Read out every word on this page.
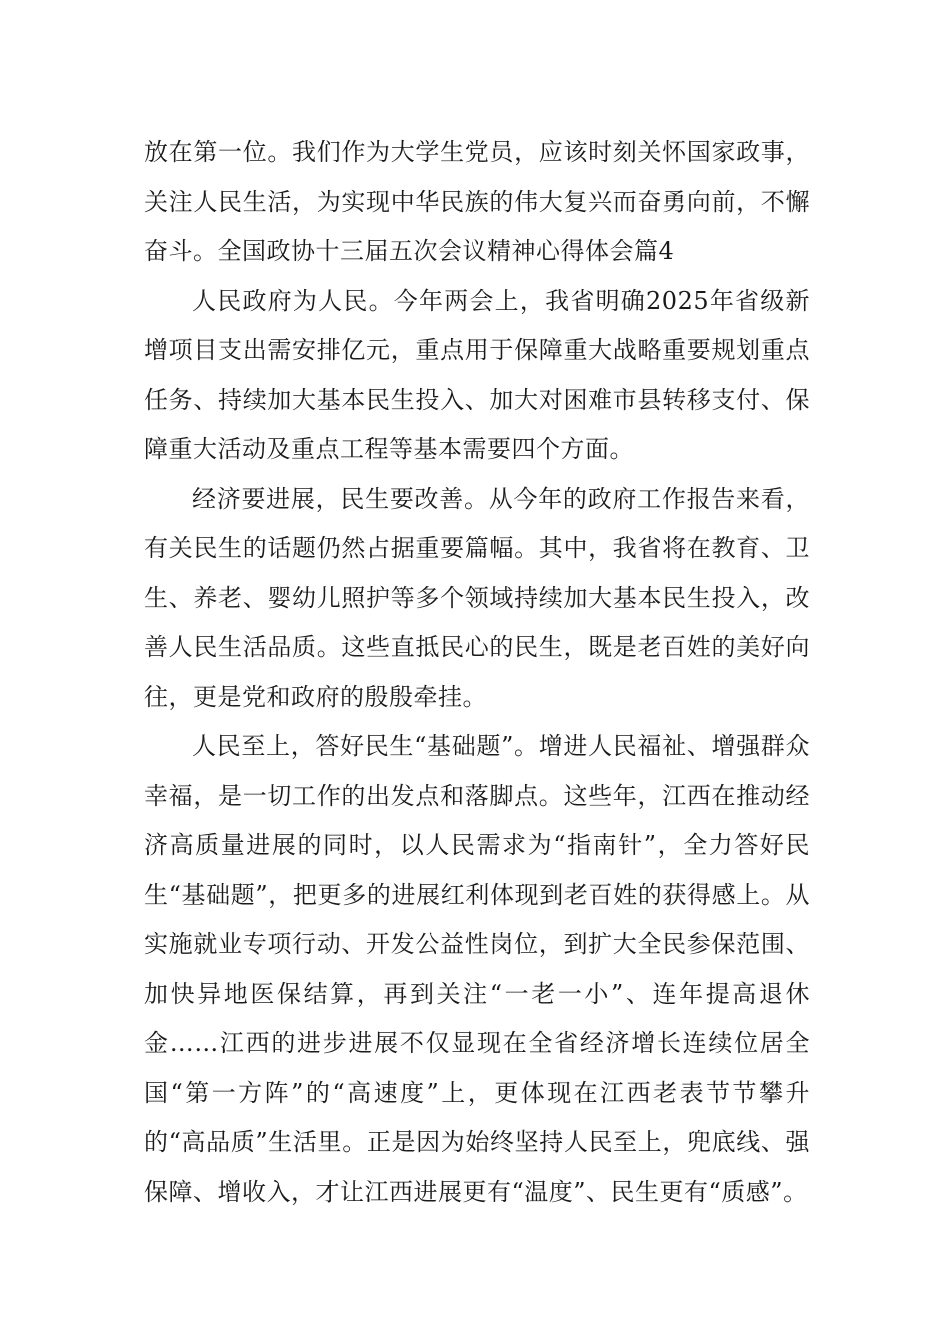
放在第一位。我们作为大学生党员，应该时刻关怀国家政事，关注人民生活，为实现中华民族的伟大复兴而奋勇向前，不懈奋斗。全国政协十三届五次会议精神心得体会篇4

人民政府为人民。今年两会上，我省明确2025年省级新增项目支出需安排亿元，重点用于保障重大战略重要规划重点任务、持续加大基本民生投入、加大对困难市县转移支付、保障重大活动及重点工程等基本需要四个方面。

经济要进展，民生要改善。从今年的政府工作报告来看，有关民生的话题仍然占据重要篇幅。其中，我省将在教育、卫生、养老、婴幼儿照护等多个领域持续加大基本民生投入，改善人民生活品质。这些直抵民心的民生，既是老百姓的美好向往，更是党和政府的殷殷牵挂。

人民至上，答好民生“基础题”。增进人民福祉、增强群众幸福，是一切工作的出发点和落脚点。这些年，江西在推动经济高质量进展的同时，以人民需求为“指南针”，全力答好民生“基础题”，把更多的进展红利体现到老百姓的获得感上。从实施就业专项行动、开发公益性岗位，到扩大全民参保范围、加快异地医保结算，再到关注“一老一小”、连年提高退休金……江西的进步进展不仅显现在全省经济增长连续位居全国“第一方阵”的“高速度”上，更体现在江西老表节节攀升的“高品质”生活里。正是因为始终坚持人民至上，兜底线、强保障、增收入，才让江西进展更有“温度”、民生更有“质感”。
